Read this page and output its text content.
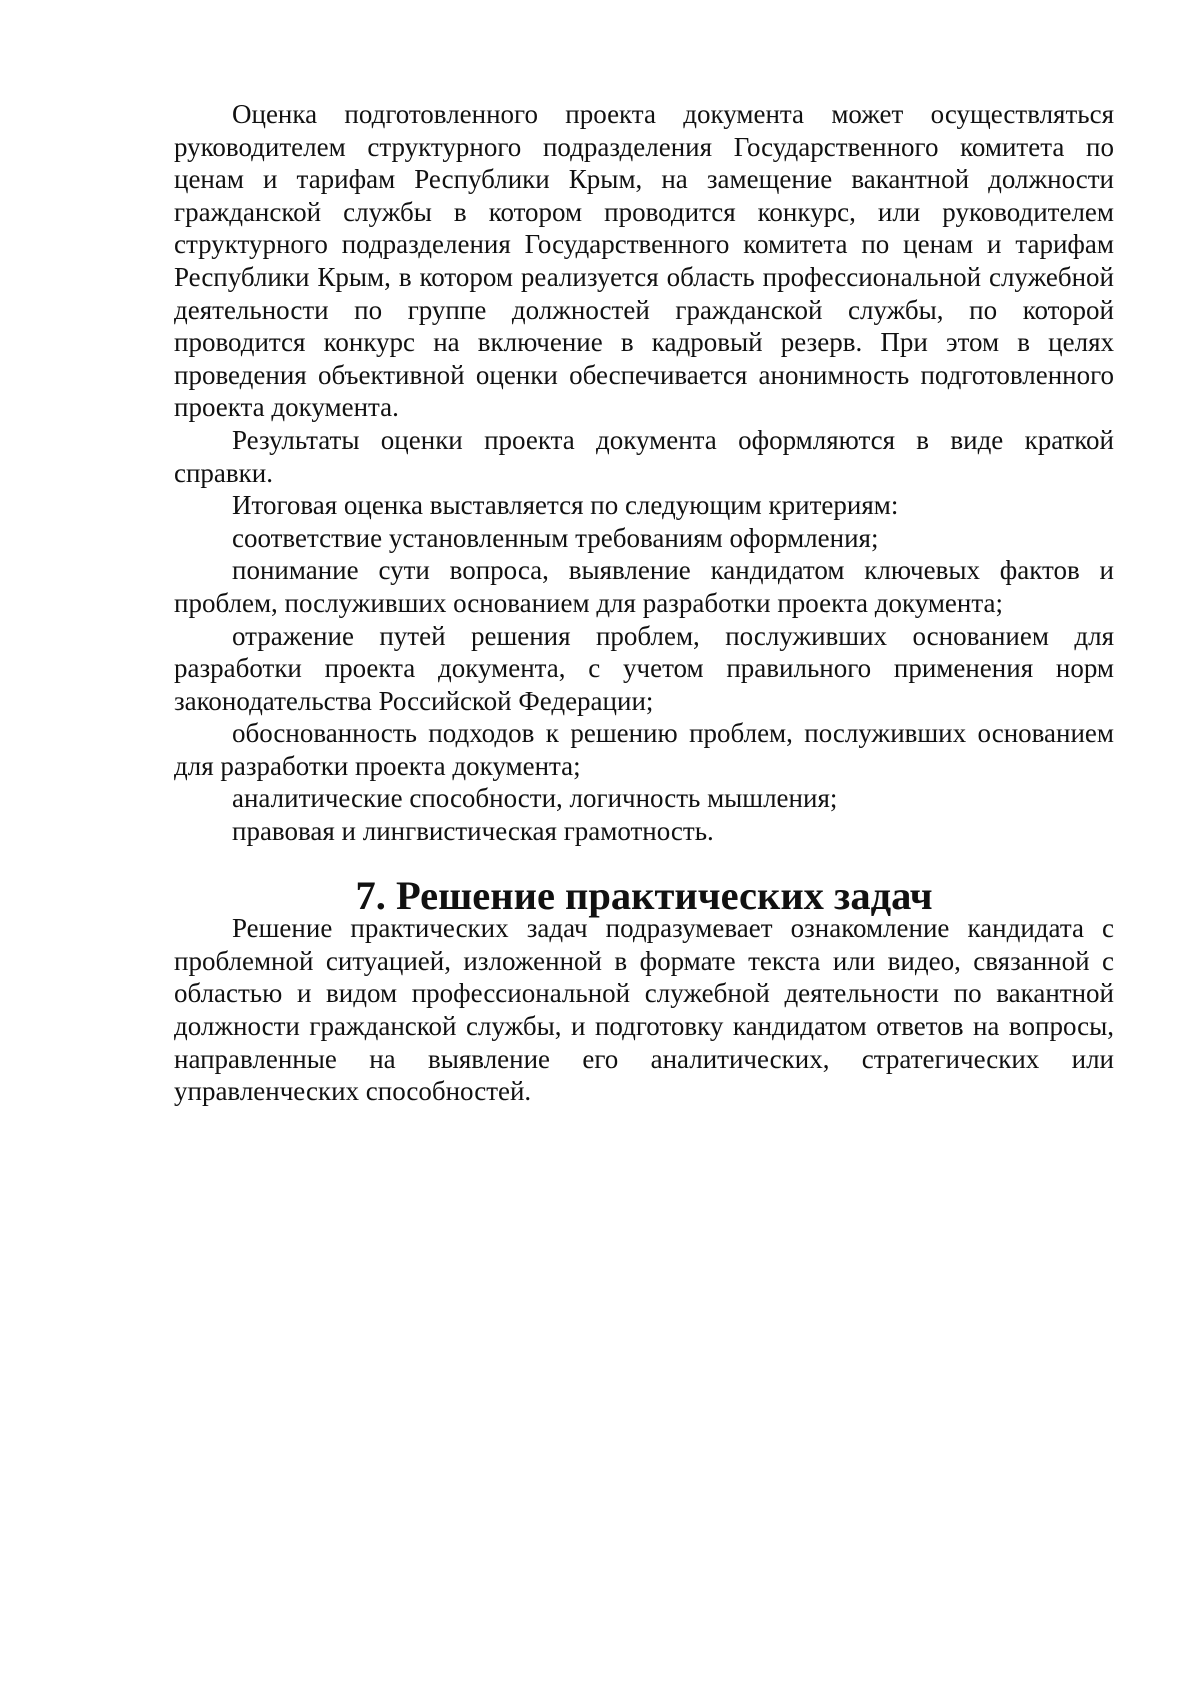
Оценка подготовленного проекта документа может осуществляться руководителем структурного подразделения Государственного комитета по ценам и тарифам Республики Крым, на замещение вакантной должности гражданской службы в котором проводится конкурс, или руководителем структурного подразделения Государственного комитета по ценам и тарифам Республики Крым, в котором реализуется область профессиональной служебной деятельности по группе должностей гражданской службы, по которой проводится конкурс на включение в кадровый резерв. При этом в целях проведения объективной оценки обеспечивается анонимность подготовленного проекта документа.

Результаты оценки проекта документа оформляются в виде краткой справки.

Итоговая оценка выставляется по следующим критериям:

соответствие установленным требованиям оформления;

понимание сути вопроса, выявление кандидатом ключевых фактов и проблем, послуживших основанием для разработки проекта документа;

отражение путей решения проблем, послуживших основанием для разработки проекта документа, с учетом правильного применения норм законодательства Российской Федерации;

обоснованность подходов к решению проблем, послуживших основанием для разработки проекта документа;

аналитические способности, логичность мышления;

правовая и лингвистическая грамотность.

7. Решение практических задач

Решение практических задач подразумевает ознакомление кандидата с проблемной ситуацией, изложенной в формате текста или видео, связанной с областью и видом профессиональной служебной деятельности по вакантной должности гражданской службы, и подготовку кандидатом ответов на вопросы, направленные на выявление его аналитических, стратегических или управленческих способностей.
